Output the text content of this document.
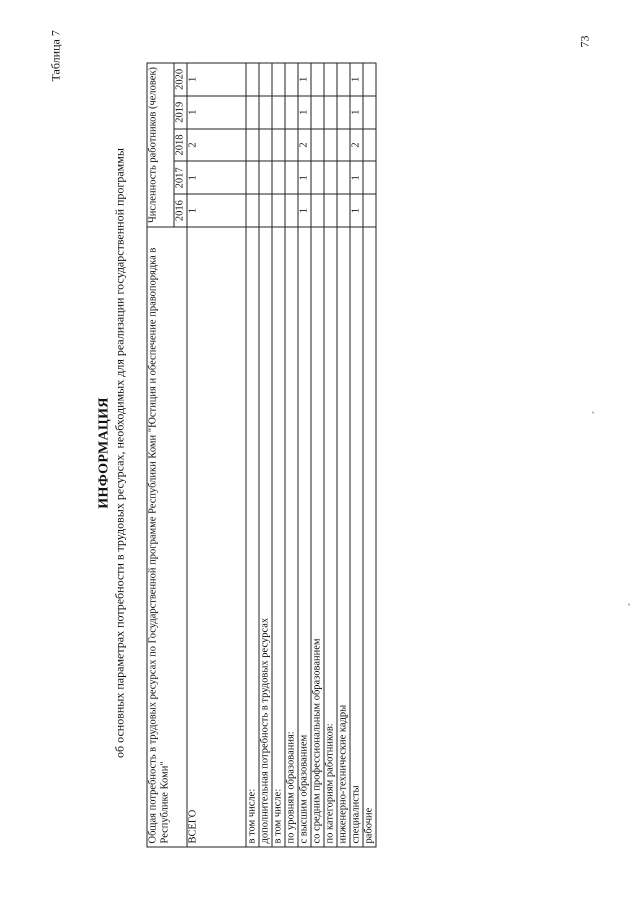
Таблица 7
ИНФОРМАЦИЯ об основных параметрах потребности в трудовых ресурсах, необходимых для реализации государственной программы Общая потребность в трудовых ресурсах по Государственной программе Республики Коми "Юстиция и обеспечение правопорядка в Республике Коми"	Численность работников (человек)				
	2016	2017	2018	2019	2020
ВСЕГО	1	1	2	1	1
в том числе:					
дополнительная потребность в трудовых ресурсах					
в том числе:					
по уровням образования:					
с высшим образованием	1	1	2	1	1
со средним профессиональным образованием					
по категориям работников:					
инженерно-технические кадры					
специалисты	1	1	2	1	1
рабочие					
73
